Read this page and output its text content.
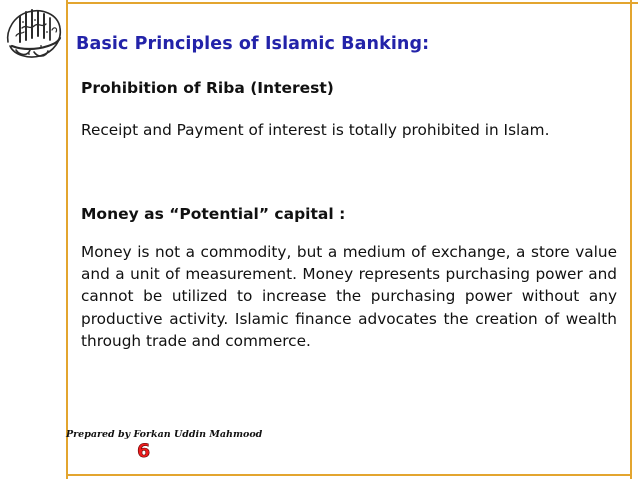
Basic Principles of Islamic Banking:
Prohibition of Riba (Interest)
Receipt and Payment of interest is totally prohibited in Islam.
Money as “Potential” capital :
Money is not a commodity, but a medium of exchange, a store value and a unit of measurement. Money represents purchasing power and cannot be utilized to increase the purchasing power without any productive activity. Islamic finance advocates the creation of wealth through trade and commerce.
Prepared by Forkan Uddin Mahmood
6
